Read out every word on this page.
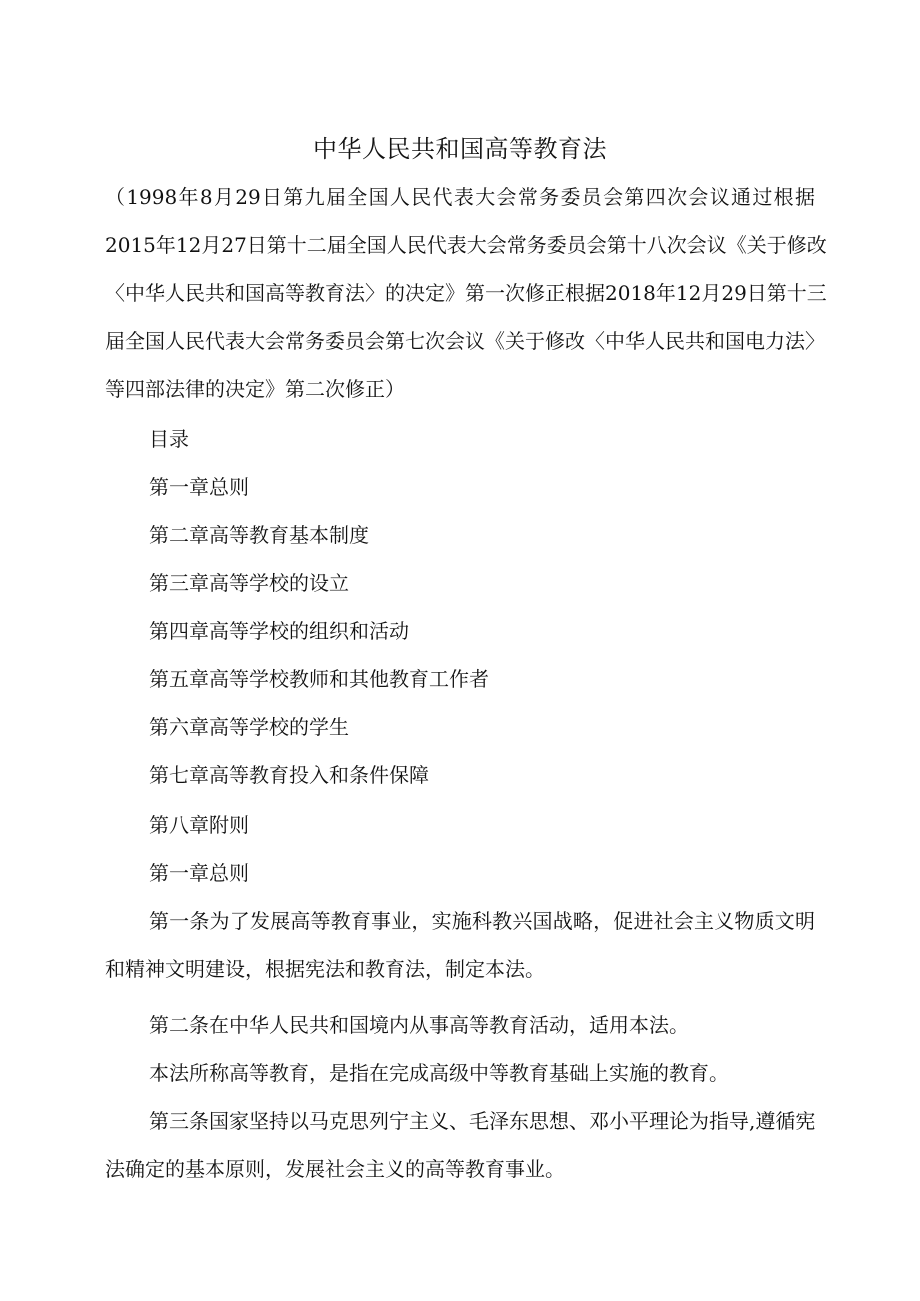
中华人民共和国高等教育法
（1998年8月29日第九届全国人民代表大会常务委员会第四次会议通过根据
2015年12月27日第十二届全国人民代表大会常务委员会第十八次会议《关于修改
〈中华人民共和国高等教育法〉的决定》第一次修正根据2018年12月29日第十三
届全国人民代表大会常务委员会第七次会议《关于修改〈中华人民共和国电力法〉
等四部法律的决定》第二次修正）
目录
第一章总则
第二章高等教育基本制度
第三章高等学校的设立
第四章高等学校的组织和活动
第五章高等学校教师和其他教育工作者
第六章高等学校的学生
第七章高等教育投入和条件保障
第八章附则
第一章总则
第一条为了发展高等教育事业，实施科教兴国战略，促进社会主义物质文明
和精神文明建设，根据宪法和教育法，制定本法。
第二条在中华人民共和国境内从事高等教育活动，适用本法。
本法所称高等教育，是指在完成高级中等教育基础上实施的教育。
第三条国家坚持以马克思列宁主义、毛泽东思想、邓小平理论为指导,遵循宪
法确定的基本原则，发展社会主义的高等教育事业。
